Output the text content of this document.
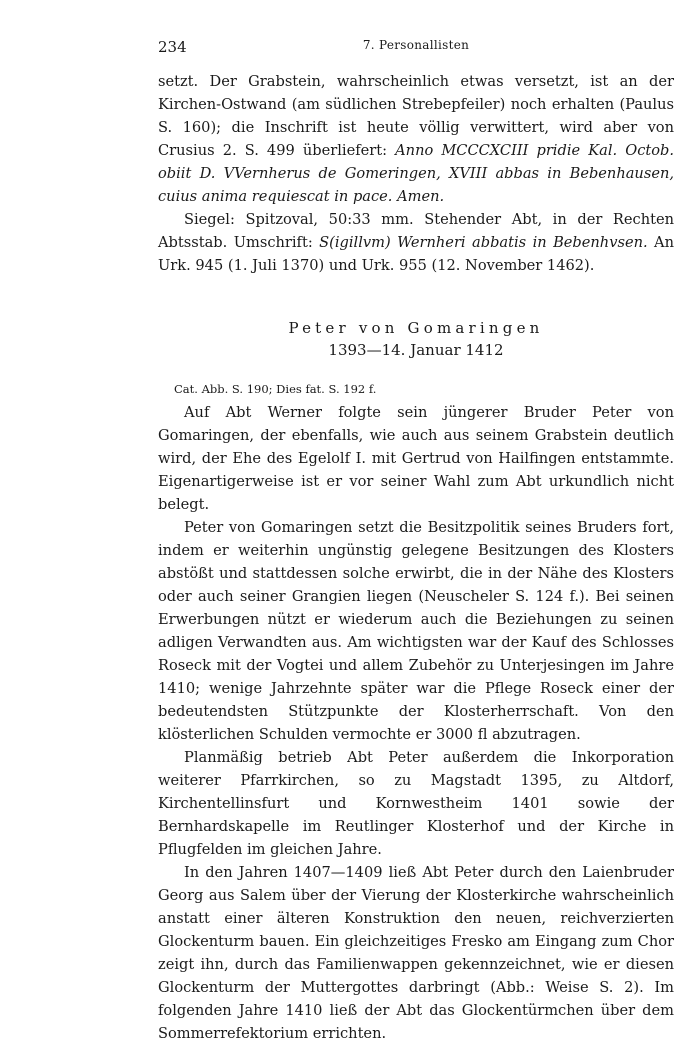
234	7. Personallisten

setzt. Der Grabstein, wahrscheinlich etwas versetzt, ist an der Kirchen-Ostwand (am südlichen Strebepfeiler) noch erhalten (Paulus S. 160); die Inschrift ist heute völlig verwittert, wird aber von Crusius 2. S. 499 überliefert: Anno MCCCXCIII pridie Kal. Octob. obiit D. VVernherus de Gomeringen, XVIII abbas in Bebenhausen, cuius anima requiescat in pace. Amen.

Siegel: Spitzoval, 50:33 mm. Stehender Abt, in der Rechten Abtsstab. Umschrift: S(igillvm) Wernheri abbatis in Bebenhvsen. An Urk. 945 (1. Juli 1370) und Urk. 955 (12. November 1462).

Peter von Gomaringen
1393—14. Januar 1412
Cat. Abb. S. 190; Dies fat. S. 192 f.

Auf Abt Werner folgte sein jüngerer Bruder Peter von Gomaringen, der ebenfalls, wie auch aus seinem Grabstein deutlich wird, der Ehe des Egelolf I. mit Gertrud von Hailfingen entstammte. Eigenartigerweise ist er vor seiner Wahl zum Abt urkundlich nicht belegt.

Peter von Gomaringen setzt die Besitzpolitik seines Bruders fort, indem er weiterhin ungünstig gelegene Besitzungen des Klosters abstößt und stattdessen solche erwirbt, die in der Nähe des Klosters oder auch seiner Grangien liegen (Neuscheler S. 124 f.). Bei seinen Erwerbungen nützt er wiederum auch die Beziehungen zu seinen adligen Verwandten aus. Am wichtigsten war der Kauf des Schlosses Roseck mit der Vogtei und allem Zubehör zu Unterjesingen im Jahre 1410; wenige Jahrzehnte später war die Pflege Roseck einer der bedeutendsten Stützpunkte der Klosterherrschaft. Von den klösterlichen Schulden vermochte er 3000 fl abzutragen.

Planmäßig betrieb Abt Peter außerdem die Inkorporation weiterer Pfarrkirchen, so zu Magstadt 1395, zu Altdorf, Kirchentellinsfurt und Kornwestheim 1401 sowie der Bernhardskapelle im Reutlinger Klosterhof und der Kirche in Pflugfelden im gleichen Jahre.

In den Jahren 1407—1409 ließ Abt Peter durch den Laienbruder Georg aus Salem über der Vierung der Klosterkirche wahrscheinlich anstatt einer älteren Konstruktion den neuen, reichverzierten Glockenturm bauen. Ein gleichzeitiges Fresko am Eingang zum Chor zeigt ihn, durch das Familienwappen gekennzeichnet, wie er diesen Glockenturm der Muttergottes darbringt (Abb.: Weise S. 2). Im folgenden Jahre 1410 ließ der Abt das Glockentürmchen über dem Sommerrefektorium errichten.
